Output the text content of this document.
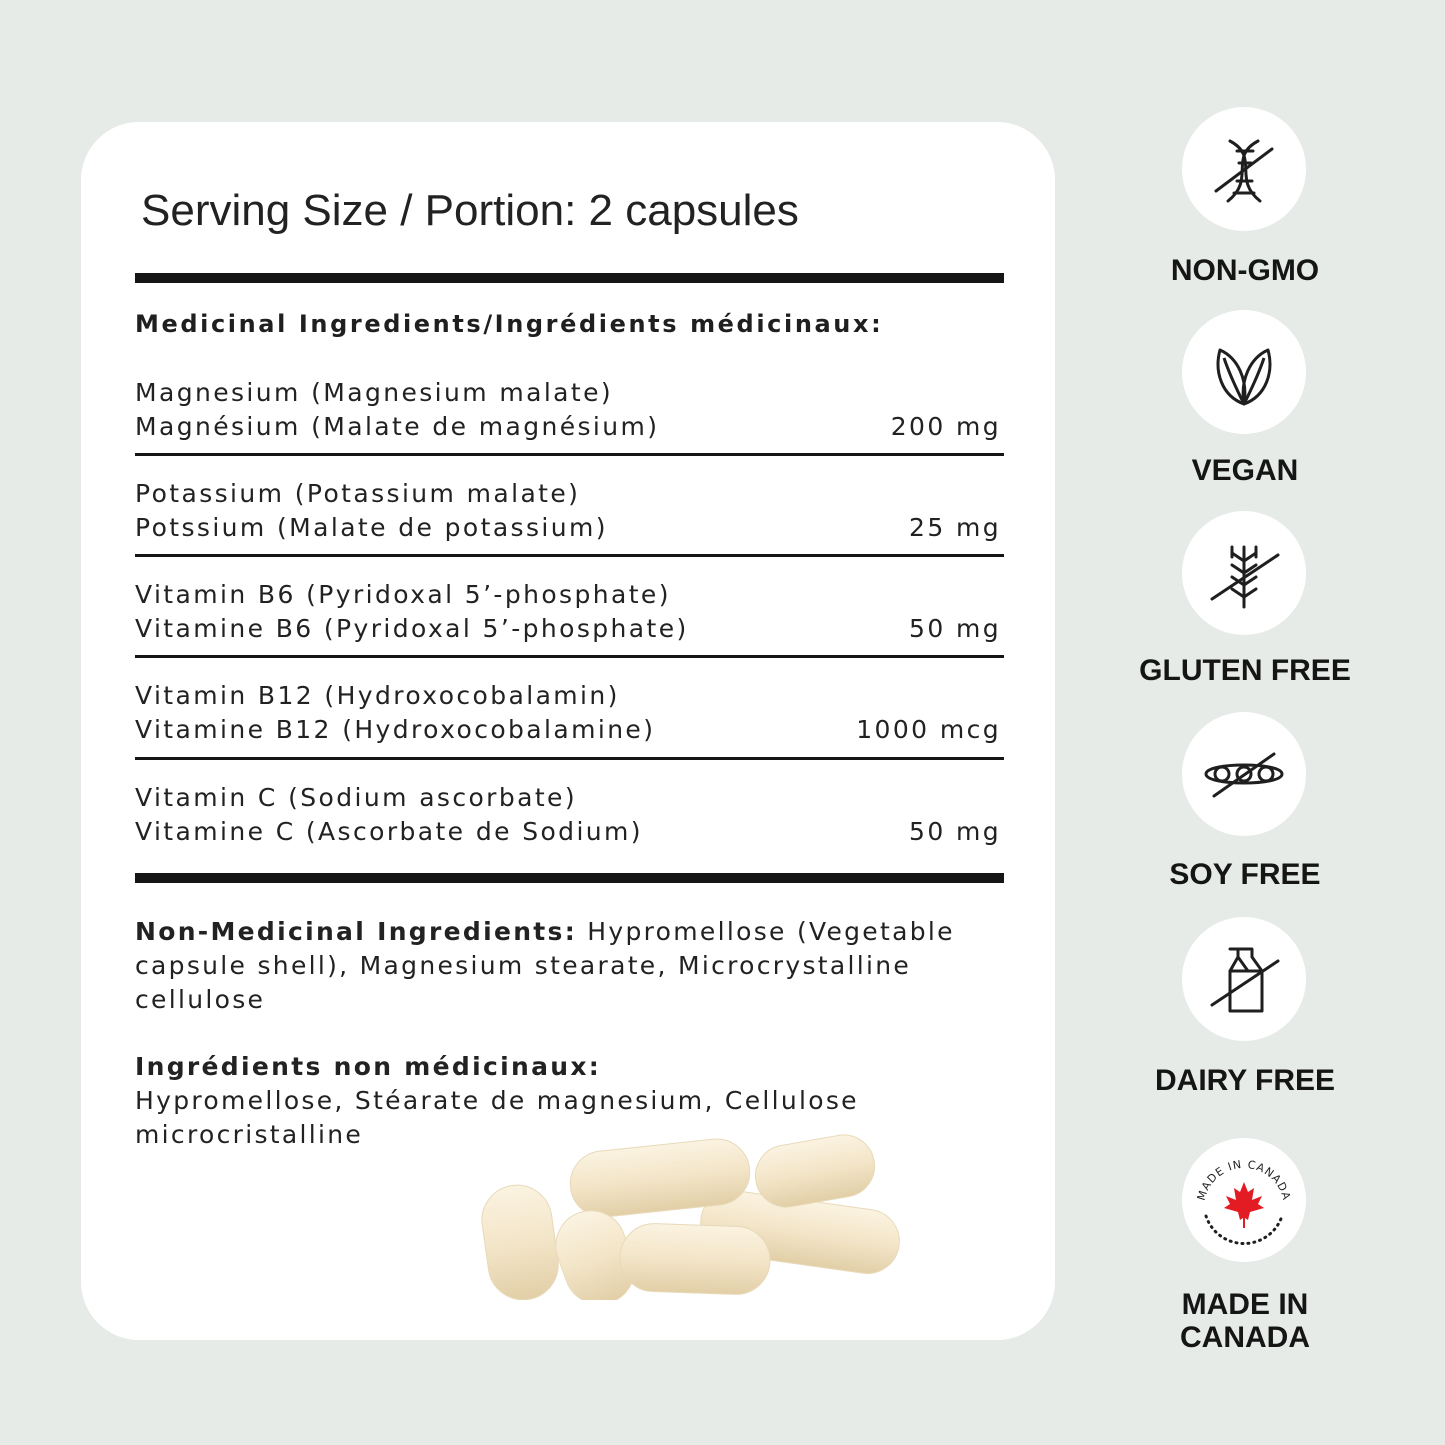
Serving Size / Portion: 2 capsules
Medicinal Ingredients/Ingrédients médicinaux:
Magnesium (Magnesium malate)
Magnésium (Malate de magnésium)	200 mg
Potassium (Potassium malate)
Potssium (Malate de potassium)	25 mg
Vitamin B6 (Pyridoxal 5’-phosphate)
Vitamine B6 (Pyridoxal 5’-phosphate)	50 mg
Vitamin B12 (Hydroxocobalamin)
Vitamine B12 (Hydroxocobalamine)	1000 mcg
Vitamin C (Sodium ascorbate)
Vitamine C (Ascorbate de Sodium)	50 mg
Non-Medicinal Ingredients: Hypromellose (Vegetable
capsule shell), Magnesium stearate, Microcrystalline
cellulose
Ingrédients non médicinaux:
Hypromellose, Stéarate de magnesium, Cellulose
microcristalline
NON-GMO
VEGAN
GLUTEN FREE
SOY FREE
DAIRY FREE
MADE IN CANADA
MADE IN
CANADA
